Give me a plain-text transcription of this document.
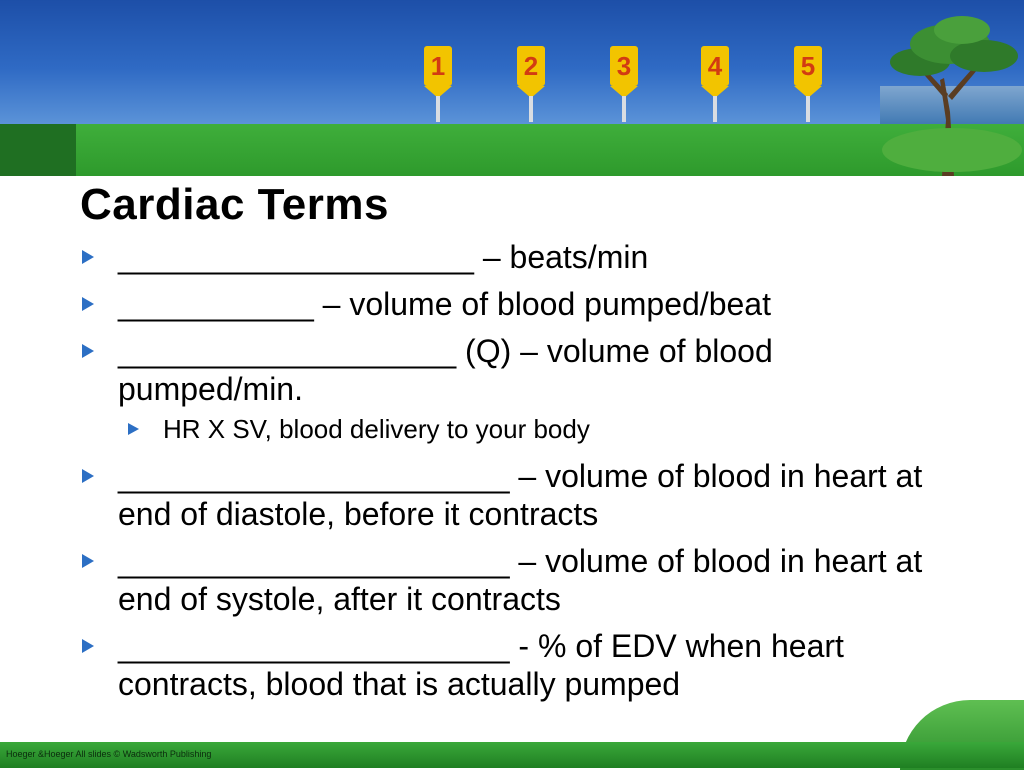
1	2	3	4	5
Cardiac Terms
____________________ – beats/min
___________ – volume of blood pumped/beat
___________________ (Q) – volume of blood pumped/min.
HR X SV, blood delivery to your body
______________________ – volume of blood in heart at end of diastole, before it contracts
______________________ – volume of blood in heart at end of systole, after it contracts
______________________ - % of EDV when heart contracts, blood that is actually pumped
Hoeger &Hoeger All slides © Wadsworth Publishing
